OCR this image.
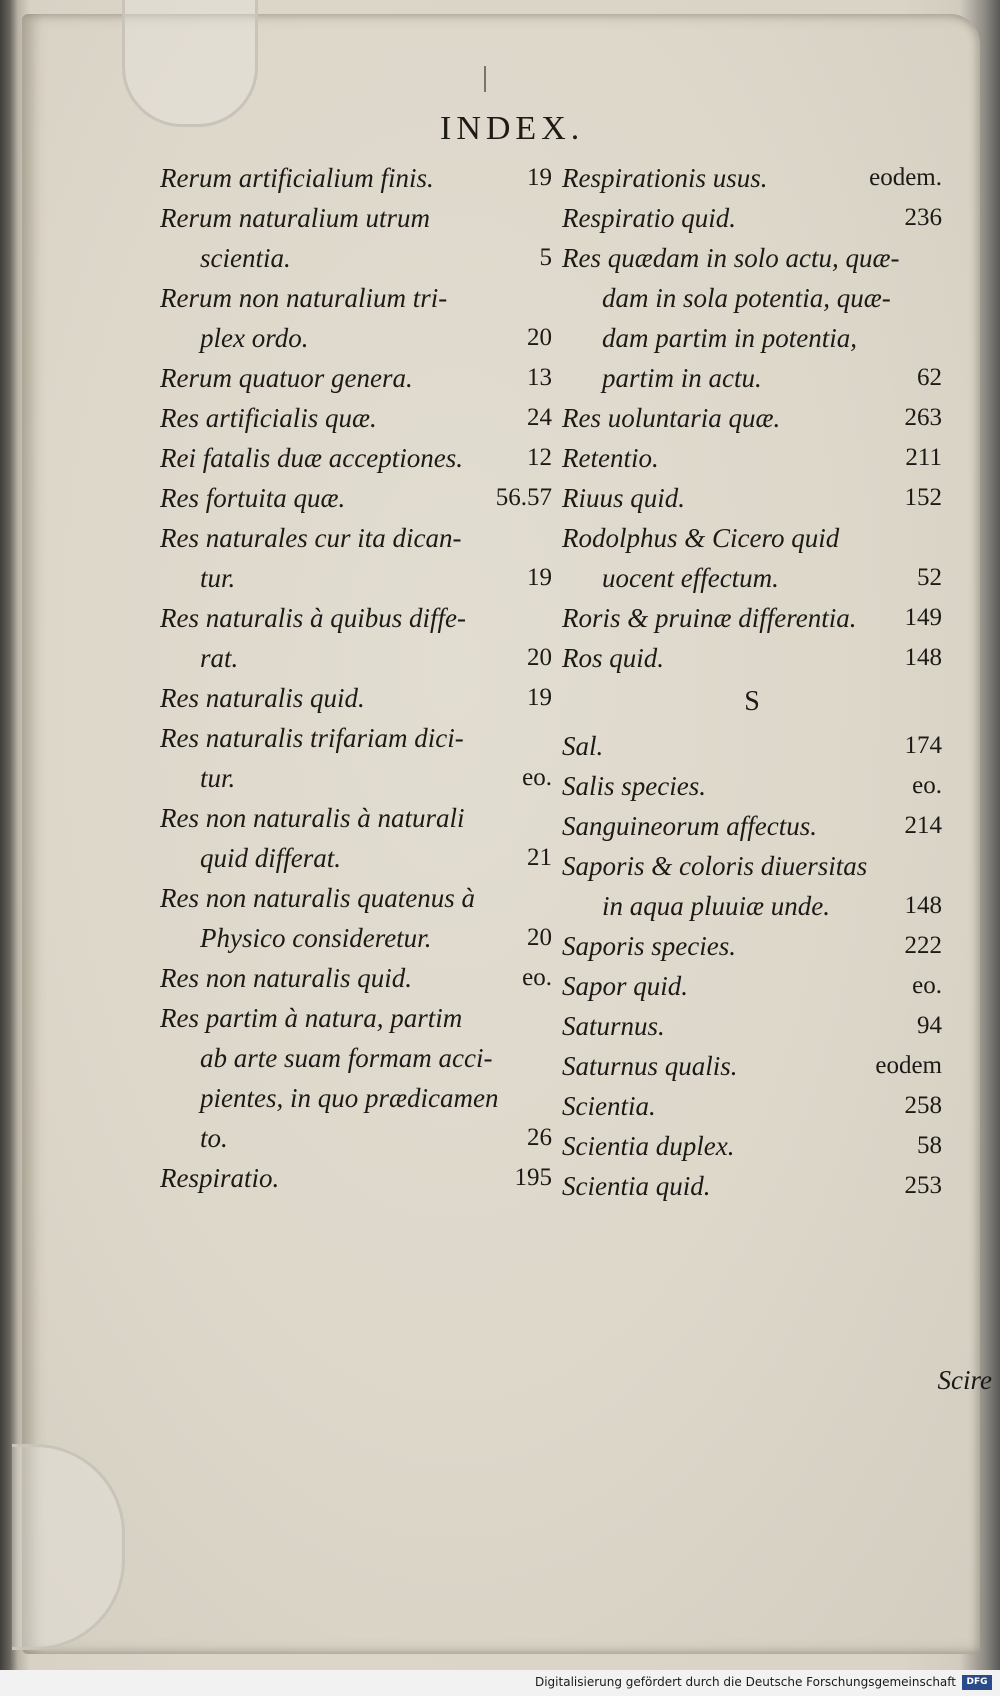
INDEX.
Rerum artificialium finis.	19
Rerum naturalium utrum
scientia.	5
Rerum non naturalium tri-
plex ordo.	20
Rerum quatuor genera.	13
Res artificialis quæ.	24
Rei fatalis duæ acceptiones.	12
Res fortuita quæ.	56.57
Res naturales cur ita dican-
tur.	19
Res naturalis à quibus diffe-
rat.	20
Res naturalis quid.	19
Res naturalis trifariam dici-
tur.	eo.
Res non naturalis à naturali
quid differat.	21
Res non naturalis quatenus à
Physico consideretur.	20
Res non naturalis quid.	eo.
Res partim à natura, partim
ab arte suam formam acci-
pientes, in quo prædicamen
to.	26
Respiratio.	195
Respirationis usus.	eodem.
Respiratio quid.	236
Res quædam in solo actu, quæ-
dam in sola potentia, quæ-
dam partim in potentia,
partim in actu.	62
Res uoluntaria quæ.	263
Retentio.	211
Riuus quid.	152
Rodolphus & Cicero quid
uocent effectum.	52
Roris & pruinæ differentia. 149
Ros quid.	148
S
Sal.	174
Salis species.	eo.
Sanguineorum affectus.	214
Saporis & coloris diuersitas
in aqua pluuiæ unde.	148
Saporis species.	222
Sapor quid.	eo.
Saturnus.	94
Saturnus qualis.	eodem
Scientia.	258
Scientia duplex.	58
Scientia quid.	253
Scire
Digitalisierung gefördert durch die Deutsche Forschungsgemeinschaft	DFG
